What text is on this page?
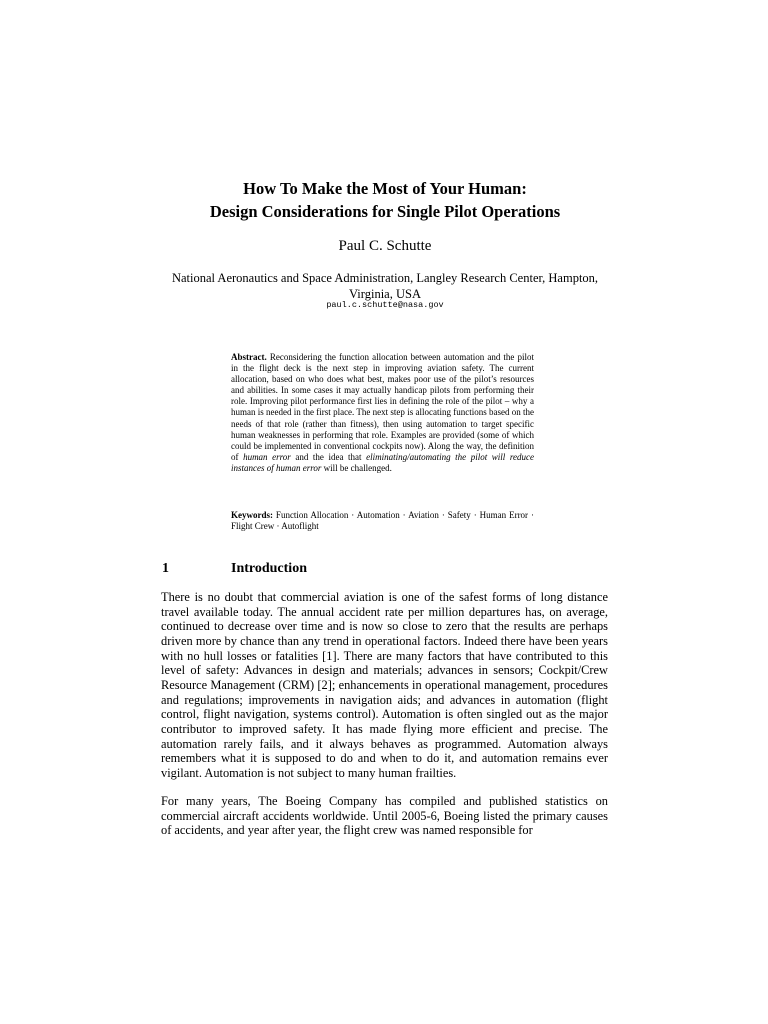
How To Make the Most of Your Human:
Design Considerations for Single Pilot Operations
Paul C. Schutte
National Aeronautics and Space Administration, Langley Research Center, Hampton, Virginia, USA
paul.c.schutte@nasa.gov
Abstract. Reconsidering the function allocation between automation and the pilot in the flight deck is the next step in improving aviation safety. The current allocation, based on who does what best, makes poor use of the pilot’s resources and abilities. In some cases it may actually handicap pilots from performing their role. Improving pilot performance first lies in defining the role of the pilot – why a human is needed in the first place. The next step is allocating functions based on the needs of that role (rather than fitness), then using automation to target specific human weaknesses in performing that role. Examples are provided (some of which could be implemented in conventional cockpits now). Along the way, the definition of human error and the idea that eliminating/automating the pilot will reduce instances of human error will be challenged.
Keywords: Function Allocation · Automation · Aviation · Safety · Human Error · Flight Crew · Autoflight
1	Introduction
There is no doubt that commercial aviation is one of the safest forms of long distance travel available today. The annual accident rate per million departures has, on average, continued to decrease over time and is now so close to zero that the results are perhaps driven more by chance than any trend in operational factors. Indeed there have been years with no hull losses or fatalities [1]. There are many factors that have contributed to this level of safety: Advances in design and materials; advances in sensors; Cockpit/Crew Resource Management (CRM) [2]; enhancements in operational management, procedures and regulations; improvements in navigation aids; and advances in automation (flight control, flight navigation, systems control). Automation is often singled out as the major contributor to improved safety. It has made flying more efficient and precise. The automation rarely fails, and it always behaves as programmed. Automation always remembers what it is supposed to do and when to do it, and automation remains ever vigilant. Automation is not subject to many human frailties.
For many years, The Boeing Company has compiled and published statistics on commercial aircraft accidents worldwide. Until 2005-6, Boeing listed the primary causes of accidents, and year after year, the flight crew was named responsible for
